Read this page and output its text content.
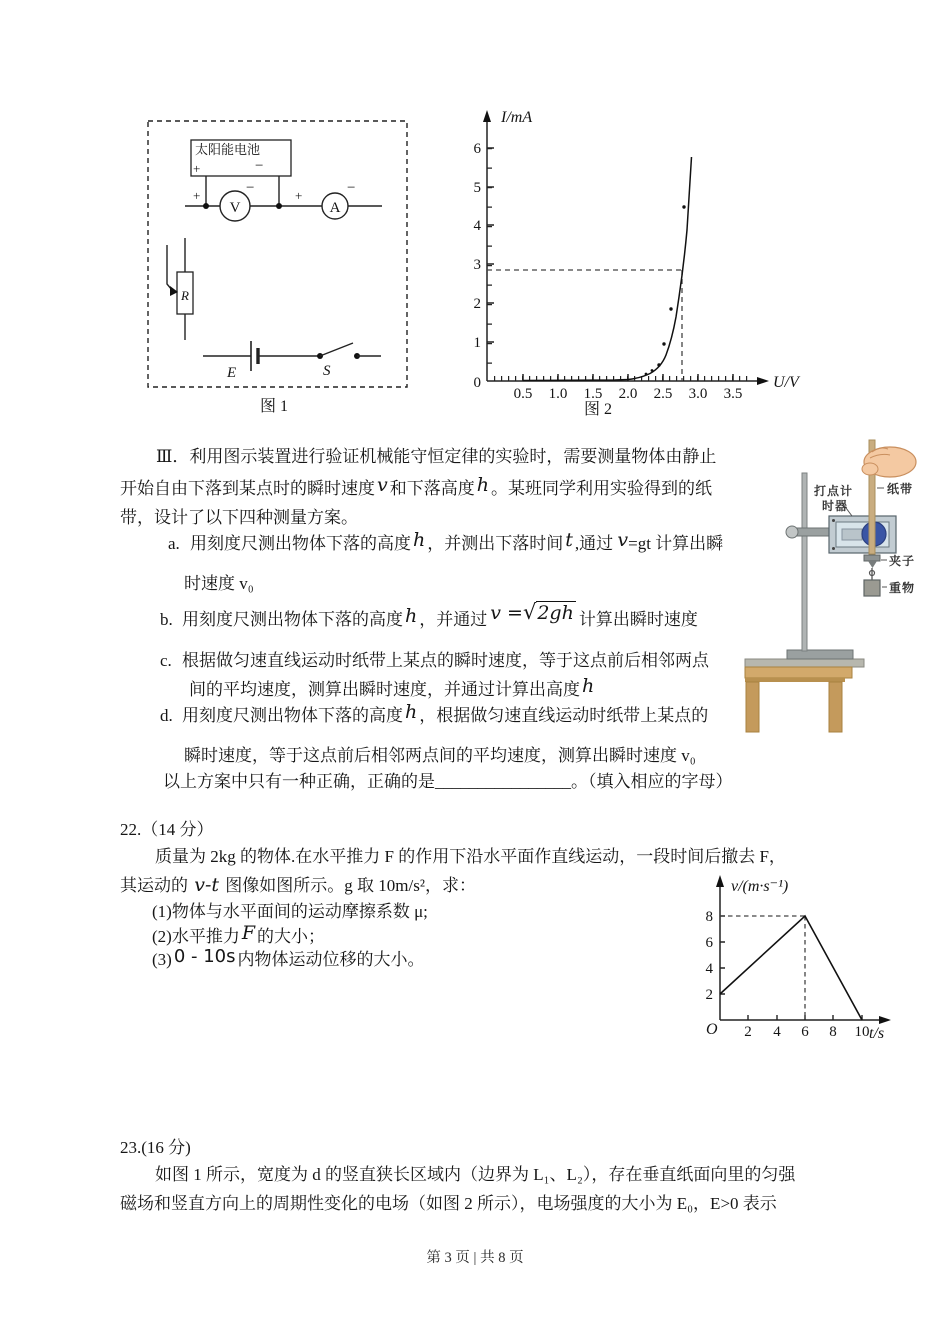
太阳能电池
+	−
V
+	−
A
+	−
R
E	S
图 1
0
1
2
3
4
5
6
0.5 1.0 1.5 2.0 2.5 3.0 3.5
I/mA
U/V
图 2
Ⅲ．利用图示装置进行验证机械能守恒定律的实验时，需要测量物体由静止
开始自由下落到某点时的瞬时速度 v 和下落高度 h 。某班同学利用实验得到的纸
带，设计了以下四种测量方案。
a. 用刻度尺测出物体下落的高度 h ，并测出下落时间 t ,通过 v=gt 计算出瞬
时速度 v₀
b. 用刻度尺测出物体下落的高度 h ，并通过 v =√2gh 计算出瞬时速度
c. 根据做匀速直线运动时纸带上某点的瞬时速度，等于这点前后相邻两点
间的平均速度，测算出瞬时速度，并通过计算出高度 h
d. 用刻度尺测出物体下落的高度 h ，根据做匀速直线运动时纸带上某点的
瞬时速度，等于这点前后相邻两点间的平均速度，测算出瞬时速度 v₀
以上方案中只有一种正确，正确的是________________。（填入相应的字母）
打点计
时器
纸带
夹子
重物
22.（14 分）
质量为 2kg 的物体.在水平推力 F 的作用下沿水平面作直线运动，一段时间后撤去 F，
其运动的 v-t 图像如图所示。g 取 10m/s²，求：
(1)物体与水平面间的运动摩擦系数 μ;
(2)水平推力 F 的大小；
(3) 0 - 10s 内物体运动位移的大小。
2
4
6
8
2 4 6 8 10
O
v/(m·s⁻¹)
t/s
23.(16 分)
如图 1 所示，宽度为 d 的竖直狭长区域内（边界为 L₁、L₂），存在垂直纸面向里的匀强
磁场和竖直方向上的周期性变化的电场（如图 2 所示），电场强度的大小为 E₀，E>0 表示
第 3 页 | 共 8 页
